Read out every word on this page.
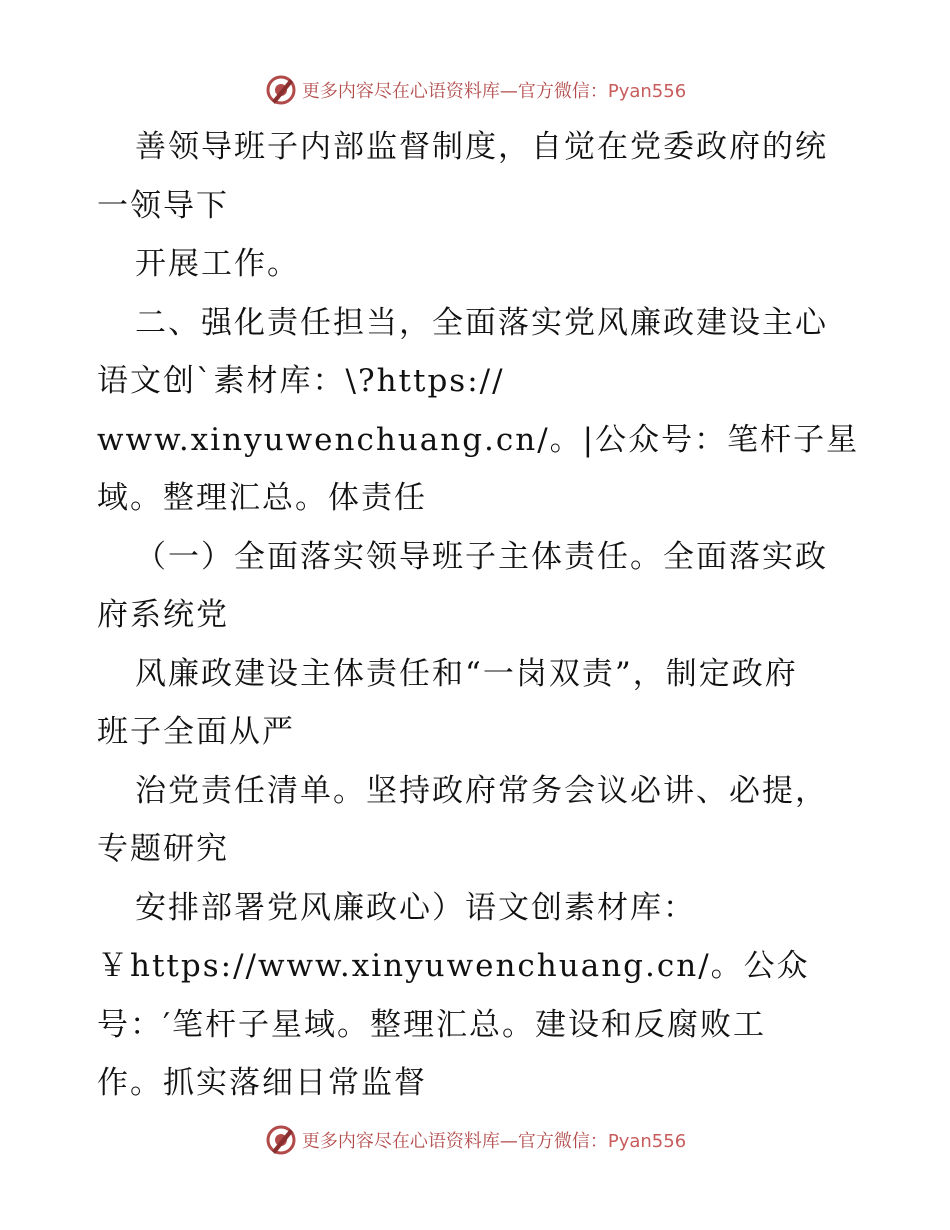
更多内容尽在心语资料库—官方微信：Pyan556
善领导班子内部监督制度，自觉在党委政府的统
一领导下
开展工作。
二、强化责任担当，全面落实党风廉政建设主心
语文创`素材库：\?https://
www.xinyuwenchuang.cn/。|公众号：笔杆子星
域。整理汇总。体责任
（一）全面落实领导班子主体责任。全面落实政
府系统党
风廉政建设主体责任和“一岗双责”，制定政府
班子全面从严
治党责任清单。坚持政府常务会议必讲、必提，
专题研究
安排部署党风廉政心）语文创素材库：
￥https://www.xinyuwenchuang.cn/。公众
号：′笔杆子星域。整理汇总。建设和反腐败工
作。抓实落细日常监督
更多内容尽在心语资料库—官方微信：Pyan556
